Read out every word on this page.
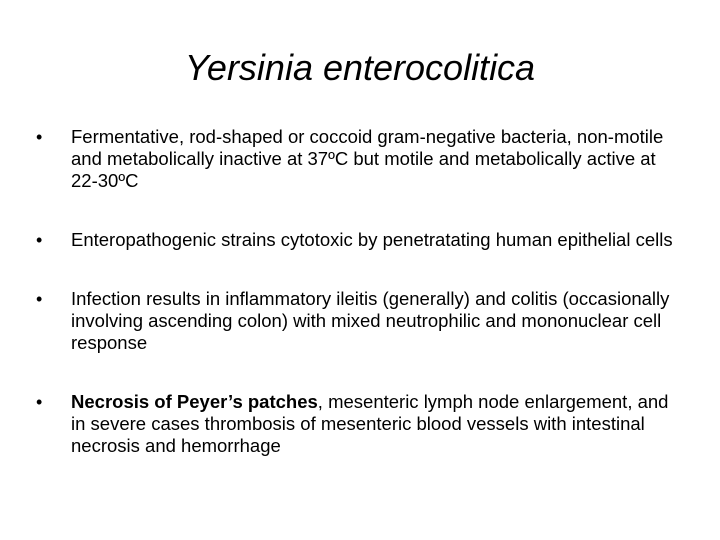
Yersinia enterocolitica
•	Fermentative, rod-shaped or coccoid gram-negative bacteria, non-motile and metabolically inactive at 37ºC but motile and metabolically active at 22-30ºC
•	Enteropathogenic strains cytotoxic by penetratating human epithelial cells
•	Infection results in inflammatory ileitis (generally) and colitis (occasionally involving ascending colon) with mixed neutrophilic and mononuclear cell response
•	Necrosis of Peyer’s patches, mesenteric lymph node enlargement, and in severe cases thrombosis of mesenteric blood vessels with intestinal necrosis and hemorrhage
